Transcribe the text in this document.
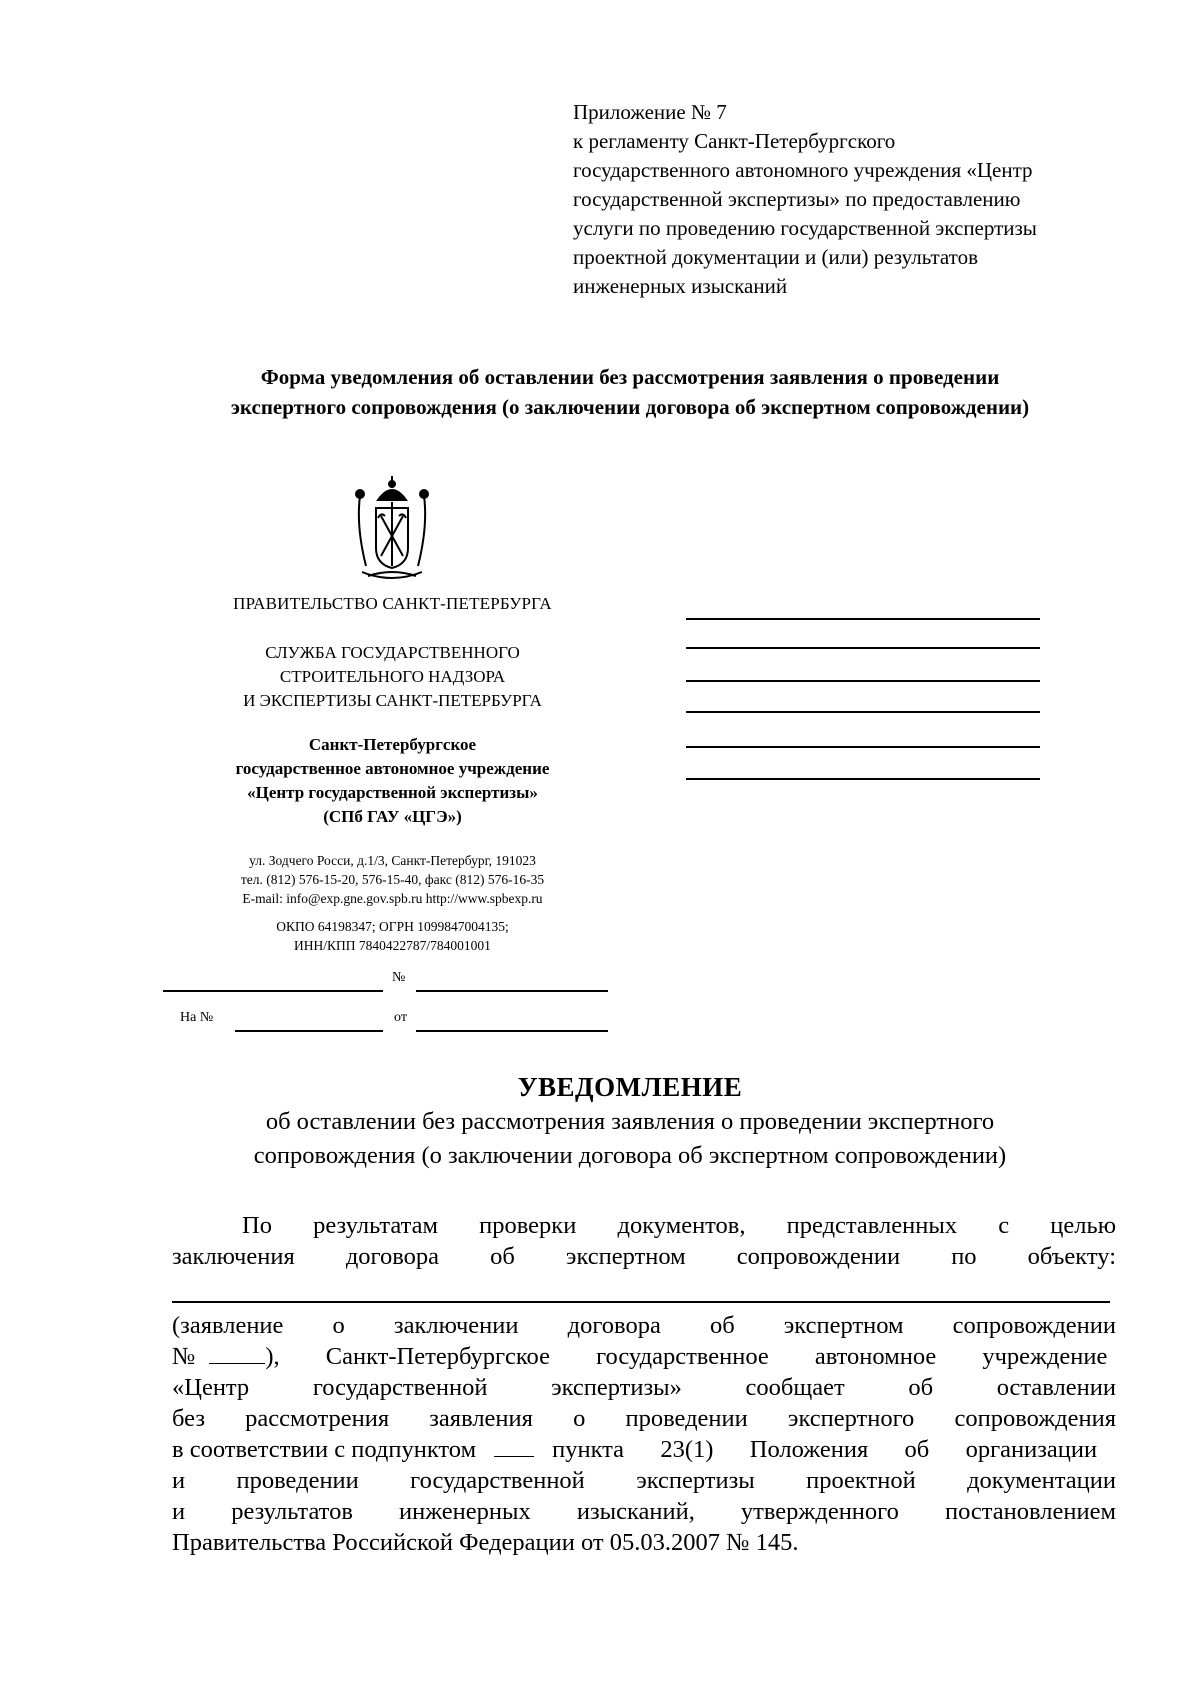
Приложение № 7
к регламенту Санкт-Петербургского
государственного автономного учреждения «Центр
государственной экспертизы» по предоставлению
услуги по проведению государственной экспертизы
проектной документации и (или) результатов
инженерных изысканий
Форма уведомления об оставлении без рассмотрения заявления о проведении
экспертного сопровождения (о заключении договора об экспертном сопровождении)
ПРАВИТЕЛЬСТВО САНКТ-ПЕТЕРБУРГА
СЛУЖБА ГОСУДАРСТВЕННОГО
СТРОИТЕЛЬНОГО НАДЗОРА
И ЭКСПЕРТИЗЫ САНКТ-ПЕТЕРБУРГА
Санкт-Петербургское
государственное автономное учреждение
«Центр государственной экспертизы»
(СПб ГАУ «ЦГЭ»)
ул. Зодчего Росси, д.1/3, Санкт-Петербург, 191023
тел. (812) 576-15-20, 576-15-40, факс (812) 576-16-35
E-mail: info@exp.gne.gov.spb.ru http://www.spbexp.ru
ОКПО 64198347; ОГРН 1099847004135;
ИНН/КПП 7840422787/784001001
№
На №	от
УВЕДОМЛЕНИЕ
об оставлении без рассмотрения заявления о проведении экспертного
сопровождения (о заключении договора об экспертном сопровождении)
По результатам проверки документов, представленных с целью
заключения договора об экспертном сопровождении по объекту:
(заявление о заключении договора об экспертном сопровождении
№	), Санкт-Петербургское государственное автономное учреждение
«Центр государственной экспертизы» сообщает об оставлении
без рассмотрения заявления о проведении экспертного сопровождения
в соответствии с подпунктом	пункта 23(1) Положения об организации
и проведении государственной экспертизы проектной документации
и результатов инженерных изысканий, утвержденного постановлением
Правительства Российской Федерации от 05.03.2007 № 145.
